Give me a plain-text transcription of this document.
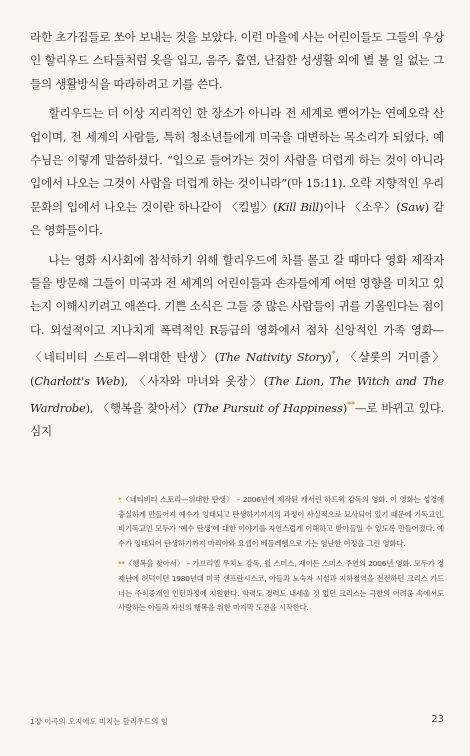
라한 초가집들로 쏘아 보내는 것을 보았다. 이런 마을에 사는 어린이들도 그들의 우상인 할리우드 스타들처럼 옷을 입고, 음주, 흡연, 난잡한 성생활 외에 별 볼 일 없는 그들의 생활방식을 따라하려고 기를 쓴다.

할리우드는 더 이상 지리적인 한 장소가 아니라 전 세계로 뻗어가는 연예오락 산업이며, 전 세계의 사람들, 특히 청소년들에게 미국을 대변하는 목소리가 되었다. 예수님은 이렇게 말씀하셨다. “입으로 들어가는 것이 사람을 더럽게 하는 것이 아니라 입에서 나오는 그것이 사람을 더럽게 하는 것이니라”(마 15:11). 오락 지향적인 우리 문화의 입에서 나오는 것이란 하나같이 〈킬빌〉(Kill Bill)이나 〈소우〉(Saw) 같은 영화들이다.

나는 영화 시사회에 참석하기 위해 할리우드에 차를 몰고 갈 때마다 영화 제작자들을 방문해 그들이 미국과 전 세계의 어린이들과 손자들에게 어떤 영향을 미치고 있는지 이해시키려고 애쓴다. 기쁜 소식은 그들 중 많은 사람들이 귀를 기울인다는 점이다. 외설적이고 지나치게 폭력적인 R등급의 영화에서 점차 신앙적인 가족 영화—〈네티비티 스토리—위대한 탄생〉(The Nativity Story)*, 〈샬롯의 거미줄〉(Charlott's Web), 〈사자와 마녀와 옷장〉(The Lion, The Witch and The Wardrobe), 〈행복을 찾아서〉(The Pursuit of Happiness)**—로 바뀌고 있다. 심지

*〈네티비티 스토리—위대한 탄생〉 – 2006년에 제작된 캐서린 하드윅 감독의 영화. 이 영화는 성경에 충실하게 만들어져 예수가 잉태되고 탄생하기까지의 과정이 사실적으로 묘사되어 있기 때문에 기독교인, 비기독교인 모두가 ‘예수 탄생’에 대한 이야기를 자연스럽게 이해하고 받아들일 수 있도록 만들어졌다. 예수가 잉태되어 탄생하기까지 마리아와 요셉이 베들레헴으로 가는 험난한 여정을 그린 영화다.

**〈행복을 찾아서〉 – 가브리엘 무치노 감독, 윌 스미스, 제이든 스미스 주연의 2006년 영화. 모두가 경제난에 허덕이던 1980년대 미국 샌프란시스코, 아들과 노숙자 시설과 지하철역을 전전하던 크리스 가드너는 주식중개인 인턴과정에 지원한다. 학력도 경력도 내세울 것 없던 크리스는 극한의 어려움 속에서도 사랑하는 아들과 자신의 행복을 위한 마지막 도전을 시작한다.

1장 이곡의 오지에도 미치는 할리우드의 힘	23
